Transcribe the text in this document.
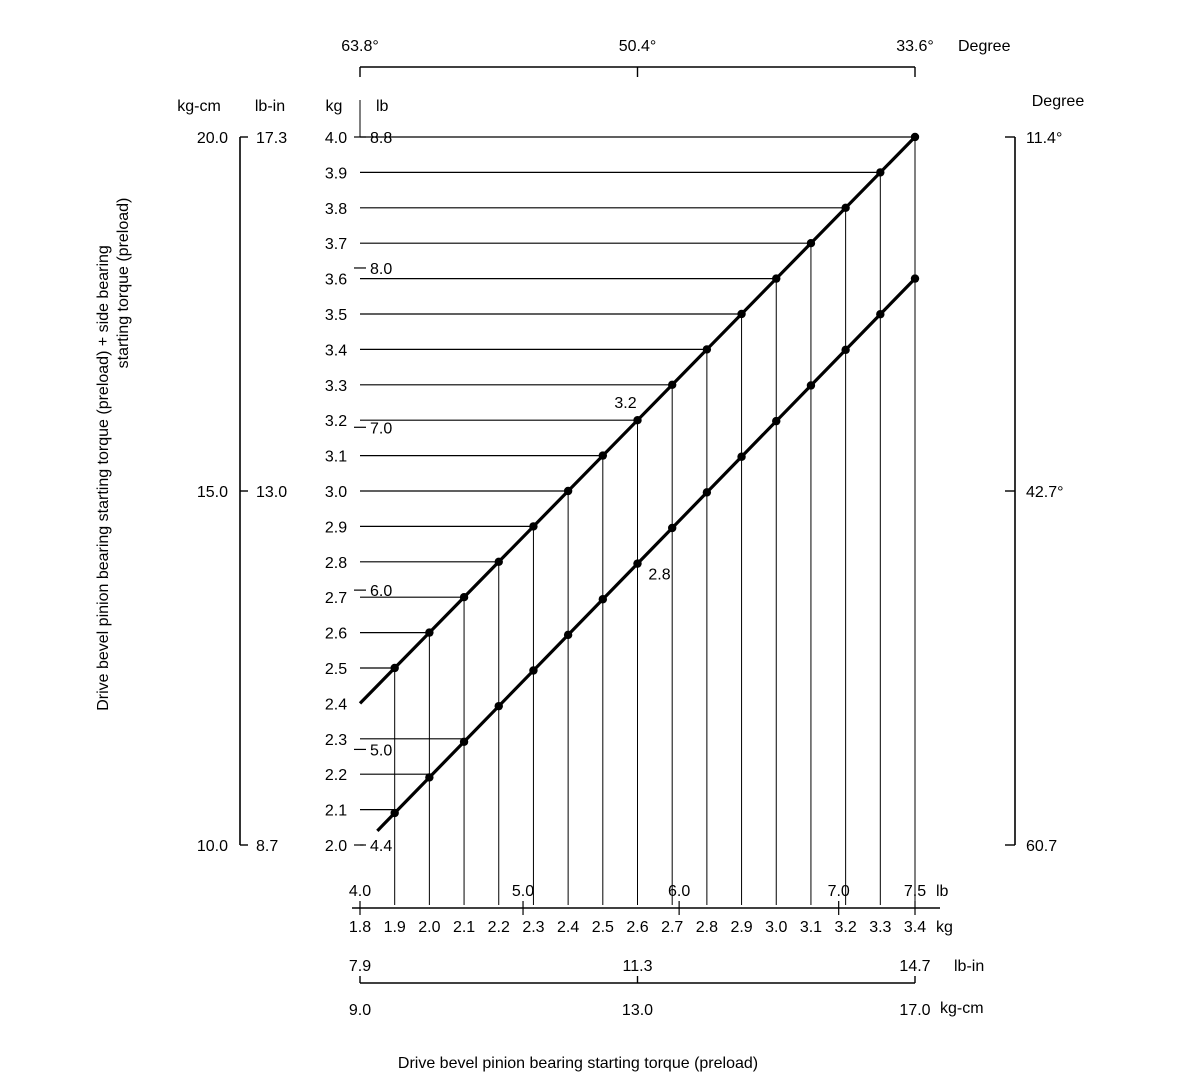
3.2
2.8
2.0
2.1
2.2
2.3
2.4
2.5
2.6
2.7
2.8
2.9
3.0
3.1
3.2
3.3
3.4
3.5
3.6
3.7
3.8
3.9
4.0
kg
4.4
5.0
6.0
7.0
8.0
8.8
lb
10.0
15.0
20.0
8.7
13.0
17.3
kg-cm lb-in
11.4°
42.7°
60.7
Degree
63.8°	50.4°	33.6° Degree
4.0	5.0	6.0	7.0	7.5 lb
1.8 1.9 2.0 2.1 2.2 2.3 2.4 2.5 2.6 2.7 2.8 2.9 3.0 3.1 3.2 3.3 3.4 kg
7.9	11.3	14.7 lb-in
9.0	13.0	17.0 kg-cm
Drive bevel pinion bearing starting torque (preload)
Drive bevel pinion bearing starting torque (preload) + side bearing starting torque (preload)
